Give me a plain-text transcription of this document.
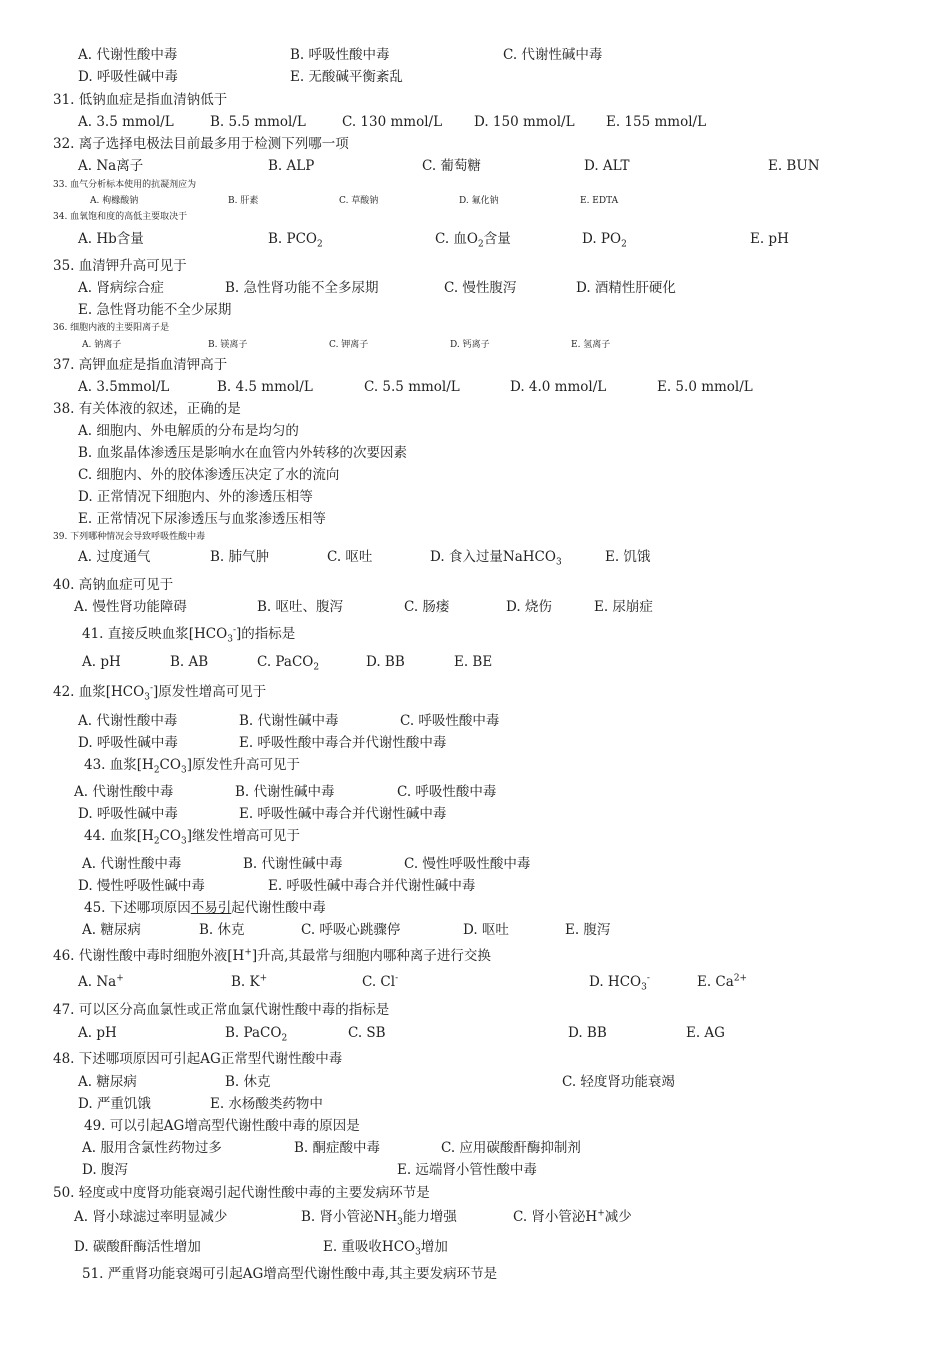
A. 代谢性酸中毒	B. 呼吸性酸中毒	C. 代谢性碱中毒
D. 呼吸性碱中毒	E. 无酸碱平衡紊乱
31. 低钠血症是指血清钠低于
A. 3.5 mmol/L	B. 5.5 mmol/L	C. 130 mmol/L D. 150 mmol/L E. 155 mmol/L
32. 离子选择电极法目前最多用于检测下列哪一项
A. Na离子	B. ALP	C. 葡萄糖	D. ALT	E. BUN
33. 血气分析标本使用的抗凝剂应为
A. 枸橼酸钠	B. 肝素	C. 草酸钠	D. 氟化钠	E. EDTA
34. 血氧饱和度的高低主要取决于
A. Hb含量	B. $PCO_2$	C. 血$O_2$含量	D. $PO_2$	E. pH
35. 血清钾升高可见于
A. 肾病综合症	B. 急性肾功能不全多尿期	C. 慢性腹泻	D. 酒精性肝硬化
E. 急性肾功能不全少尿期
36. 细胞内液的主要阳离子是
A. 钠离子	B. 镁离子	C. 钾离子	D. 钙离子	E. 氢离子
37. 高钾血症是指血清钾高于
A. 3.5mmol/L	B. 4.5 mmol/L	C. 5.5 mmol/L	D. 4.0 mmol/L	E. 5.0 mmol/L
38. 有关体液的叙述，正确的是
A. 细胞内、外电解质的分布是均匀的
B. 血浆晶体渗透压是影响水在血管内外转移的次要因素
C. 细胞内、外的胶体渗透压决定了水的流向
D. 正常情况下细胞内、外的渗透压相等
E. 正常情况下尿渗透压与血浆渗透压相等
39. 下列哪种情况会导致呼吸性酸中毒
A. 过度通气	B. 肺气肿	C. 呕吐	D. 食入过量NaHCO$_3$	E. 饥饿
40. 高钠血症可见于
A. 慢性肾功能障碍	B. 呕吐、腹泻	C. 肠瘘	D. 烧伤	E. 尿崩症
41. 直接反映血浆$[HCO_3^-]$的指标是
A. pH	B. AB	C. PaCO$_2$	D. BB	E. BE
42. 血浆$[HCO_3^-]$原发性增高可见于
A. 代谢性酸中毒	B. 代谢性碱中毒	C. 呼吸性酸中毒
D. 呼吸性碱中毒	E. 呼吸性酸中毒合并代谢性酸中毒
43. 血浆$[H_2CO_3]$原发性升高可见于
A. 代谢性酸中毒	B. 代谢性碱中毒	C. 呼吸性酸中毒
D. 呼吸性碱中毒	E. 呼吸性碱中毒合并代谢性碱中毒
44. 血浆$[H_2CO_3]$继发性增高可见于
A. 代谢性酸中毒	B. 代谢性碱中毒	C. 慢性呼吸性酸中毒
D. 慢性呼吸性碱中毒	E. 呼吸性碱中毒合并代谢性碱中毒
45. 下述哪项原因不易引起代谢性酸中毒
A. 糖尿病	B. 休克	C. 呼吸心跳骤停	D. 呕吐	E. 腹泻
46. 代谢性酸中毒时细胞外液[H+]升高,其最常与细胞内哪种离子进行交换
A. Na+	B. K+	C. Cl-	D. $HCO_3^-$	E. $Ca^{2+}$
47. 可以区分高血氯性或正常血氯代谢性酸中毒的指标是
A. pH	B. PaCO$_2$	C. SB	D. BB	E. AG
48. 下述哪项原因可引起AG正常型代谢性酸中毒
A. 糖尿病	B. 休克	C. 轻度肾功能衰竭
D. 严重饥饿	E. 水杨酸类药物中
49. 可以引起AG增高型代谢性酸中毒的原因是
A. 服用含氯性药物过多	B. 酮症酸中毒	C. 应用碳酸酐酶抑制剂
D. 腹泻	E. 远端肾小管性酸中毒
50. 轻度或中度肾功能衰竭引起代谢性酸中毒的主要发病环节是
A. 肾小球滤过率明显减少	B. 肾小管泌$NH_3$能力增强	C. 肾小管泌H+减少
D. 碳酸酐酶活性增加	E. 重吸收$HCO_3$增加
51. 严重肾功能衰竭可引起AG增高型代谢性酸中毒,其主要发病环节是
